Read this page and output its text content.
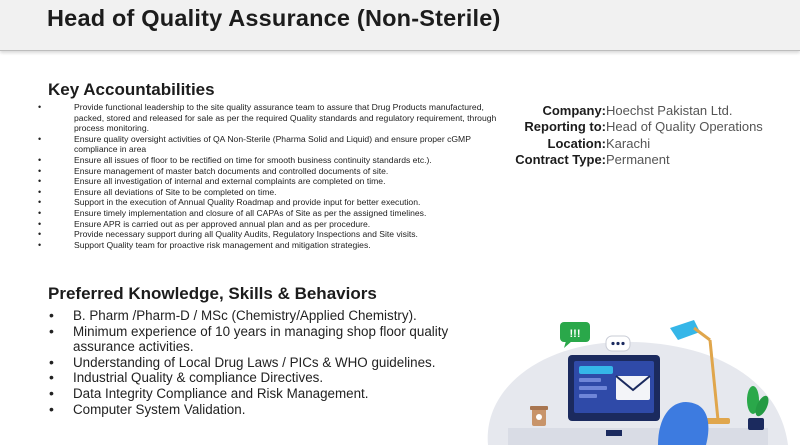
Head of Quality Assurance (Non-Sterile)
Key Accountabilities
• Provide functional leadership to the site quality assurance team to assure that Drug Products manufactured, packed, stored and released for sale as per the required Quality standards and regulatory requirement, through process monitoring.
• Ensure quality oversight activities of QA Non-Sterile (Pharma Solid and Liquid) and ensure proper cGMP compliance in area
• Ensure all issues of floor to be rectified on time for smooth business continuity standards etc.).
• Ensure management of master batch documents and controlled documents of site.
• Ensure all investigation of internal and external complaints are completed on time.
• Ensure all deviations of Site to be completed on time.
• Support in the execution of Annual Quality Roadmap and provide input for better execution.
• Ensure timely implementation and closure of all CAPAs of Site as per the assigned timelines.
• Ensure APR is carried out as per approved annual plan and as per procedure.
• Provide necessary support during all Quality Audits, Regulatory Inspections and Site visits.
• Support Quality team for proactive risk management and mitigation strategies.
Company: Hoechst Pakistan Ltd.
Reporting to: Head of Quality Operations
Location: Karachi
Contract Type: Permanent
Preferred Knowledge, Skills & Behaviors
• B. Pharm /Pharm-D / MSc (Chemistry/Applied Chemistry).
• Minimum experience of 10 years in managing shop floor quality assurance activities.
• Understanding of Local Drug Laws / PICs & WHO guidelines.
• Industrial Quality & compliance Directives.
• Data Integrity Compliance and Risk Management.
• Computer System Validation.
!!!
